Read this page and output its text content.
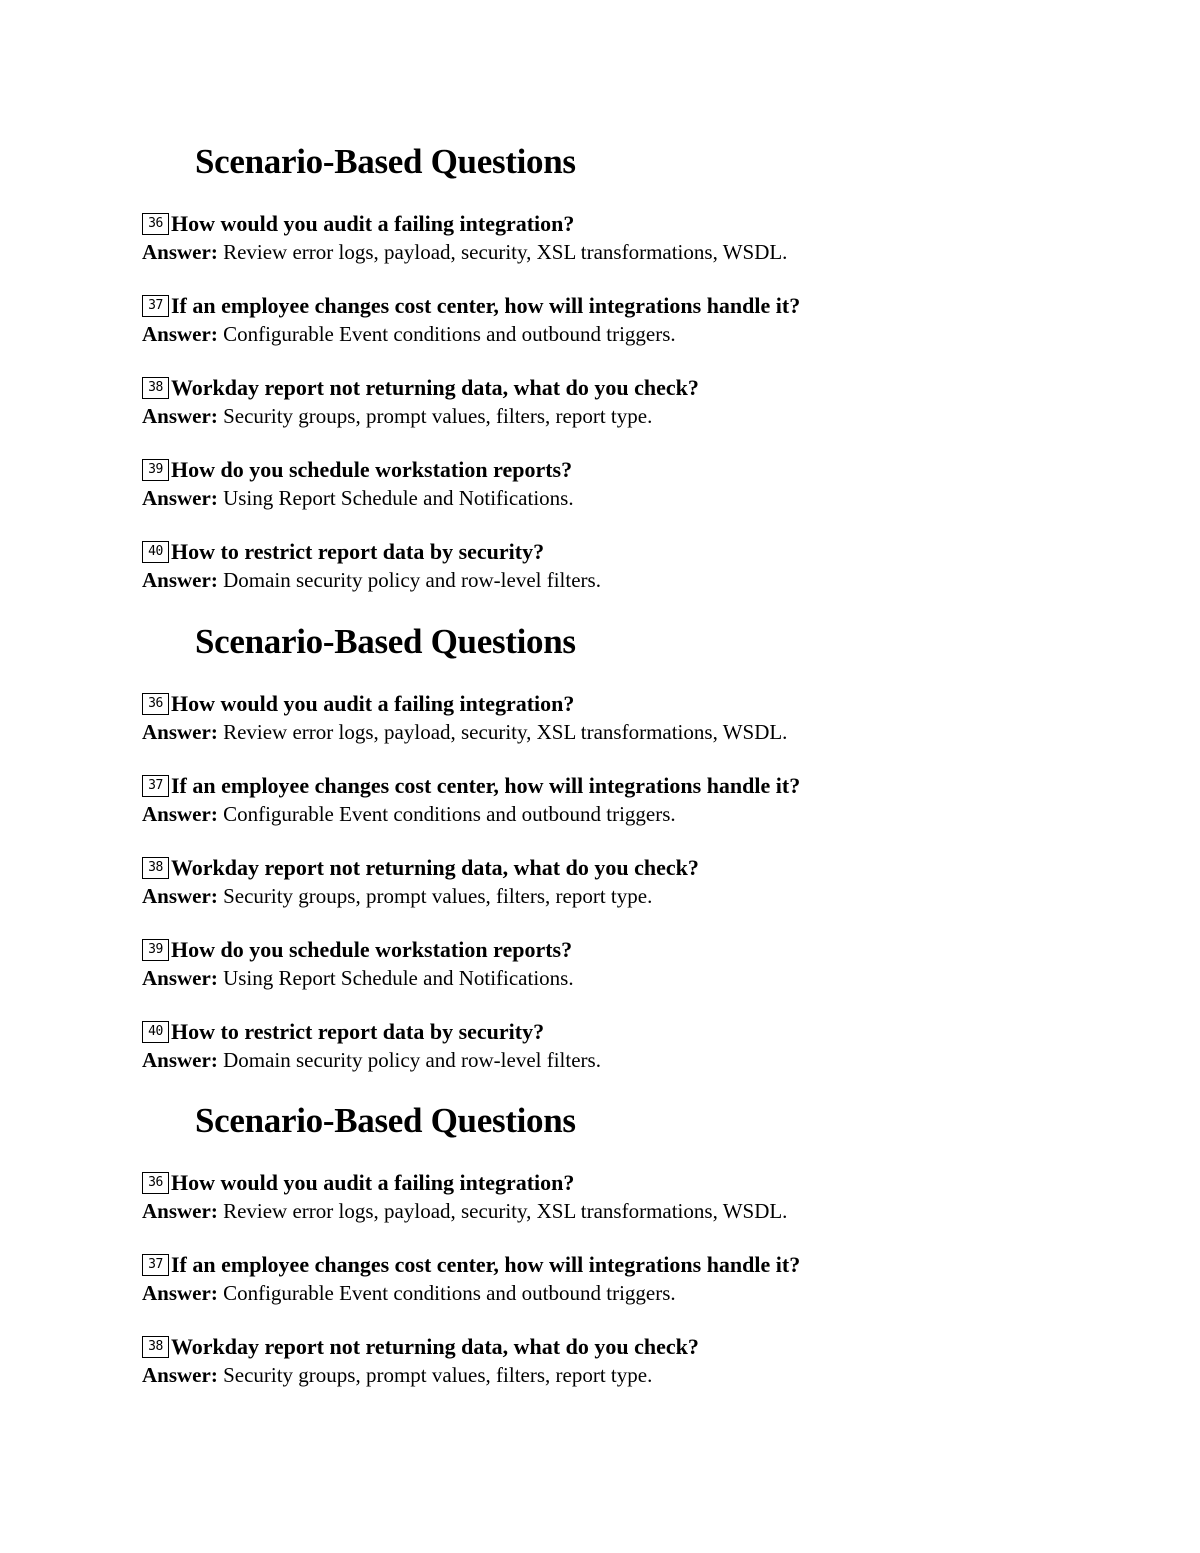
Scenario-Based Questions
36 How would you audit a failing integration?
Answer: Review error logs, payload, security, XSL transformations, WSDL.
37 If an employee changes cost center, how will integrations handle it?
Answer: Configurable Event conditions and outbound triggers.
38 Workday report not returning data, what do you check?
Answer: Security groups, prompt values, filters, report type.
39 How do you schedule workstation reports?
Answer: Using Report Schedule and Notifications.
40 How to restrict report data by security?
Answer: Domain security policy and row-level filters.
Scenario-Based Questions
36 How would you audit a failing integration?
Answer: Review error logs, payload, security, XSL transformations, WSDL.
37 If an employee changes cost center, how will integrations handle it?
Answer: Configurable Event conditions and outbound triggers.
38 Workday report not returning data, what do you check?
Answer: Security groups, prompt values, filters, report type.
39 How do you schedule workstation reports?
Answer: Using Report Schedule and Notifications.
40 How to restrict report data by security?
Answer: Domain security policy and row-level filters.
Scenario-Based Questions
36 How would you audit a failing integration?
Answer: Review error logs, payload, security, XSL transformations, WSDL.
37 If an employee changes cost center, how will integrations handle it?
Answer: Configurable Event conditions and outbound triggers.
38 Workday report not returning data, what do you check?
Answer: Security groups, prompt values, filters, report type.
